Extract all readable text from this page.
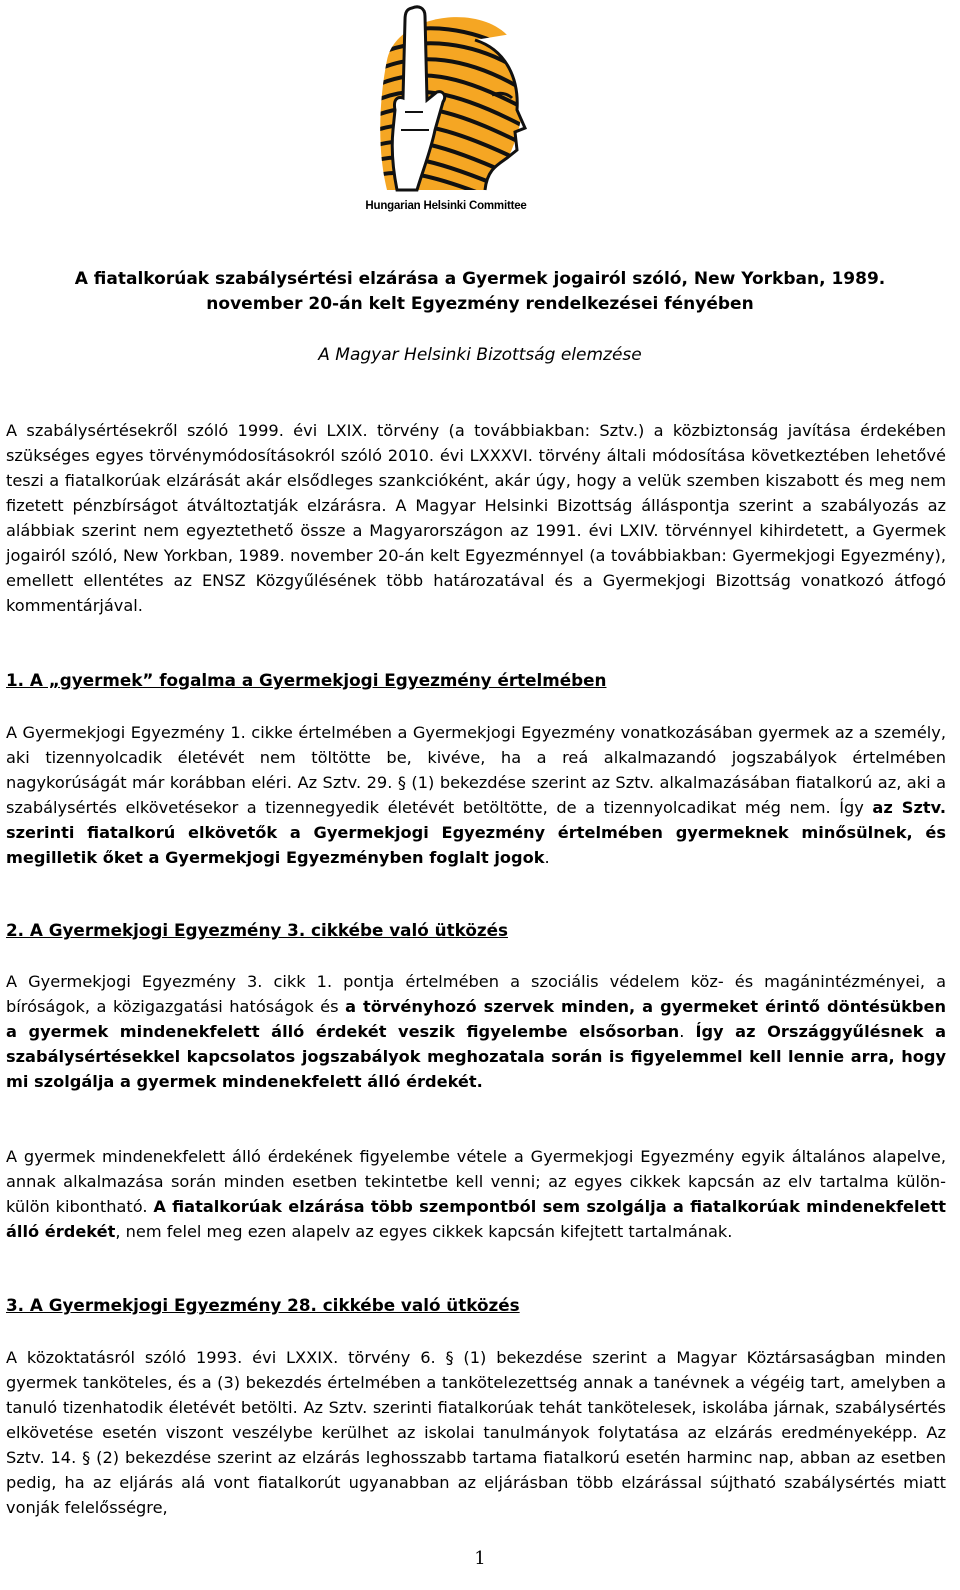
Hungarian Helsinki Committee
A fiatalkorúak szabálysértési elzárása a Gyermek jogairól szóló, New Yorkban, 1989.
november 20-án kelt Egyezmény rendelkezései fényében
A Magyar Helsinki Bizottság elemzése
A szabálysértésekről szóló 1999. évi LXIX. törvény (a továbbiakban: Sztv.) a közbiztonság javítása érdekében szükséges egyes törvénymódosításokról szóló 2010. évi LXXXVI. törvény általi módosítása következtében lehetővé teszi a fiatalkorúak elzárását akár elsődleges szankcióként, akár úgy, hogy a velük szemben kiszabott és meg nem fizetett pénzbírságot átváltoztatják elzárásra. A Magyar Helsinki Bizottság álláspontja szerint a szabályozás az alábbiak szerint nem egyeztethető össze a Magyarországon az 1991. évi LXIV. törvénnyel kihirdetett, a Gyermek jogairól szóló, New Yorkban, 1989. november 20-án kelt Egyezménnyel (a továbbiakban: Gyermekjogi Egyezmény), emellett ellentétes az ENSZ Közgyűlésének több határozatával és a Gyermekjogi Bizottság vonatkozó átfogó kommentárjával.
1. A „gyermek” fogalma a Gyermekjogi Egyezmény értelmében
A Gyermekjogi Egyezmény 1. cikke értelmében a Gyermekjogi Egyezmény vonatkozásában gyermek az a személy, aki tizennyolcadik életévét nem töltötte be, kivéve, ha a reá alkalmazandó jogszabályok értelmében nagykorúságát már korábban eléri. Az Sztv. 29. § (1) bekezdése szerint az Sztv. alkalmazásában fiatalkorú az, aki a szabálysértés elkövetésekor a tizennegyedik életévét betöltötte, de a tizennyolcadikat még nem. Így az Sztv. szerinti fiatalkorú elkövetők a Gyermekjogi Egyezmény értelmében gyermeknek minősülnek, és megilletik őket a Gyermekjogi Egyezményben foglalt jogok.
2. A Gyermekjogi Egyezmény 3. cikkébe való ütközés
A Gyermekjogi Egyezmény 3. cikk 1. pontja értelmében a szociális védelem köz- és magánintézményei, a bíróságok, a közigazgatási hatóságok és a törvényhozó szervek minden, a gyermeket érintő döntésükben a gyermek mindenekfelett álló érdekét veszik figyelembe elsősorban. Így az Országgyűlésnek a szabálysértésekkel kapcsolatos jogszabályok meghozatala során is figyelemmel kell lennie arra, hogy mi szolgálja a gyermek mindenekfelett álló érdekét.
A gyermek mindenekfelett álló érdekének figyelembe vétele a Gyermekjogi Egyezmény egyik általános alapelve, annak alkalmazása során minden esetben tekintetbe kell venni; az egyes cikkek kapcsán az elv tartalma külön-külön kibontható. A fiatalkorúak elzárása több szempontból sem szolgálja a fiatalkorúak mindenekfelett álló érdekét, nem felel meg ezen alapelv az egyes cikkek kapcsán kifejtett tartalmának.
3. A Gyermekjogi Egyezmény 28. cikkébe való ütközés
A közoktatásról szóló 1993. évi LXXIX. törvény 6. § (1) bekezdése szerint a Magyar Köztársaságban minden gyermek tanköteles, és a (3) bekezdés értelmében a tankötelezettség annak a tanévnek a végéig tart, amelyben a tanuló tizenhatodik életévét betölti. Az Sztv. szerinti fiatalkorúak tehát tankötelesek, iskolába járnak, szabálysértés elkövetése esetén viszont veszélybe kerülhet az iskolai tanulmányok folytatása az elzárás eredményeképp. Az Sztv. 14. § (2) bekezdése szerint az elzárás leghosszabb tartama fiatalkorú esetén harminc nap, abban az esetben pedig, ha az eljárás alá vont fiatalkorút ugyanabban az eljárásban több elzárással sújtható szabálysértés miatt vonják felelősségre,
1
